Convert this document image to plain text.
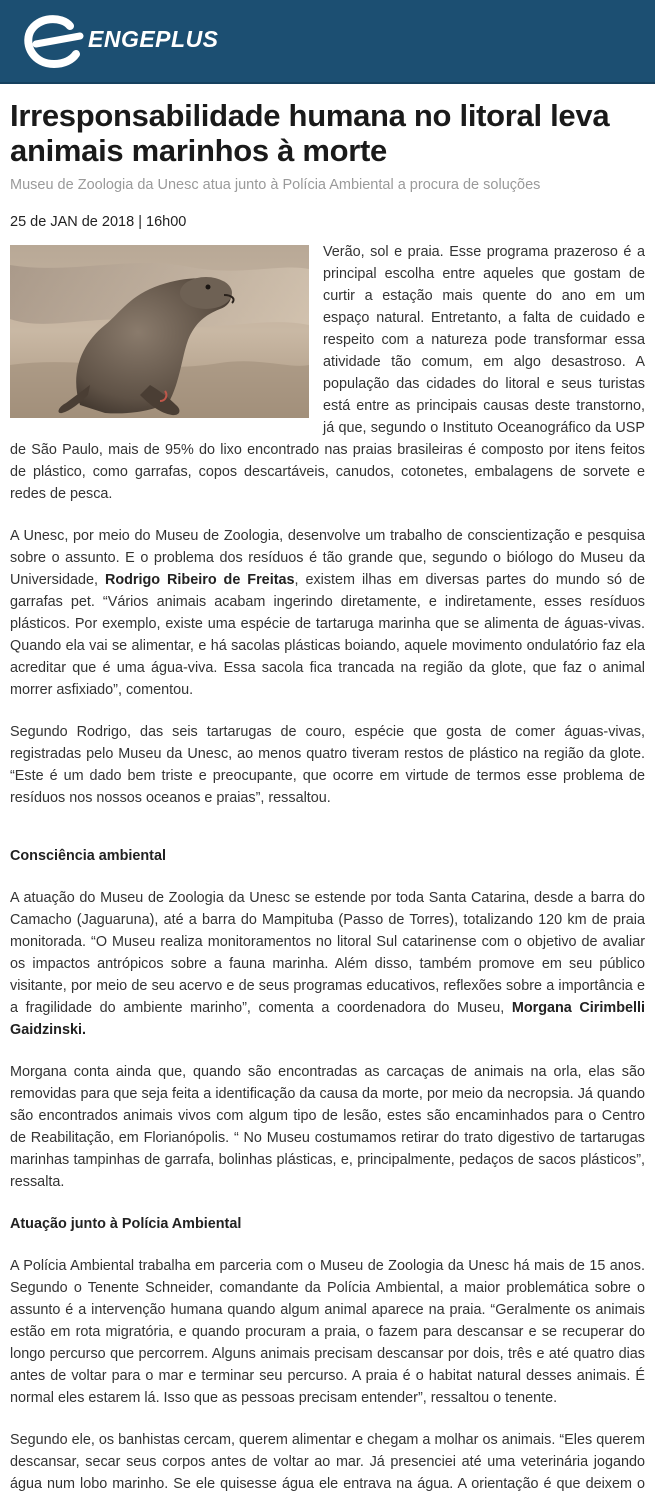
ENGEPLUS
Irresponsabilidade humana no litoral leva animais marinhos à morte
Museu de Zoologia da Unesc atua junto à Polícia Ambiental a procura de soluções
25 de JAN de 2018 | 16h00

Verão, sol e praia. Esse programa prazeroso é a principal escolha entre aqueles que gostam de curtir a estação mais quente do ano em um espaço natural. Entretanto, a falta de cuidado e respeito com a natureza pode transformar essa atividade tão comum, em algo desastroso. A população das cidades do litoral e seus turistas está entre as principais causas deste transtorno, já que, segundo o Instituto Oceanográfico da USP de São Paulo, mais de 95% do lixo encontrado nas praias brasileiras é composto por itens feitos de plástico, como garrafas, copos descartáveis, canudos, cotonetes, embalagens de sorvete e redes de pesca.

A Unesc, por meio do Museu de Zoologia, desenvolve um trabalho de conscientização e pesquisa sobre o assunto. E o problema dos resíduos é tão grande que, segundo o biólogo do Museu da Universidade, Rodrigo Ribeiro de Freitas, existem ilhas em diversas partes do mundo só de garrafas pet. “Vários animais acabam ingerindo diretamente, e indiretamente, esses resíduos plásticos. Por exemplo, existe uma espécie de tartaruga marinha que se alimenta de águas-vivas. Quando ela vai se alimentar, e há sacolas plásticas boiando, aquele movimento ondulatório faz ela acreditar que é uma água-viva. Essa sacola fica trancada na região da glote, que faz o animal morrer asfixiado”, comentou.

Segundo Rodrigo, das seis tartarugas de couro, espécie que gosta de comer águas-vivas, registradas pelo Museu da Unesc, ao menos quatro tiveram restos de plástico na região da glote. “Este é um dado bem triste e preocupante, que ocorre em virtude de termos esse problema de resíduos nos nossos oceanos e praias”, ressaltou.

Consciência ambiental

A atuação do Museu de Zoologia da Unesc se estende por toda Santa Catarina, desde a barra do Camacho (Jaguaruna), até a barra do Mampituba (Passo de Torres), totalizando 120 km de praia monitorada. “O Museu realiza monitoramentos no litoral Sul catarinense com o objetivo de avaliar os impactos antrópicos sobre a fauna marinha. Além disso, também promove em seu público visitante, por meio de seu acervo e de seus programas educativos, reflexões sobre a importância e a fragilidade do ambiente marinho”, comenta a coordenadora do Museu, Morgana Cirimbelli Gaidzinski.

Morgana conta ainda que, quando são encontradas as carcaças de animais na orla, elas são removidas para que seja feita a identificação da causa da morte, por meio da necropsia. Já quando são encontrados animais vivos com algum tipo de lesão, estes são encaminhados para o Centro de Reabilitação, em Florianópolis. “ No Museu costumamos retirar do trato digestivo de tartarugas marinhas tampinhas de garrafa, bolinhas plásticas, e, principalmente, pedaços de sacos plásticos”, ressalta.

Atuação junto à Polícia Ambiental

A Polícia Ambiental trabalha em parceria com o Museu de Zoologia da Unesc há mais de 15 anos. Segundo o Tenente Schneider, comandante da Polícia Ambiental, a maior problemática sobre o assunto é a intervenção humana quando algum animal aparece na praia. “Geralmente os animais estão em rota migratória, e quando procuram a praia, o fazem para descansar e se recuperar do longo percurso que percorrem. Alguns animais precisam descansar por dois, três e até quatro dias antes de voltar para o mar e terminar seu percurso. A praia é o habitat natural desses animais. É normal eles estarem lá. Isso que as pessoas precisam entender”, ressaltou o tenente.

Segundo ele, os banhistas cercam, querem alimentar e chegam a molhar os animais. “Eles querem descansar, secar seus corpos antes de voltar ao mar. Já presenciei até uma veterinária jogando água num lobo marinho. Se ele quisesse água ele entrava na água. A orientação é que deixem o
